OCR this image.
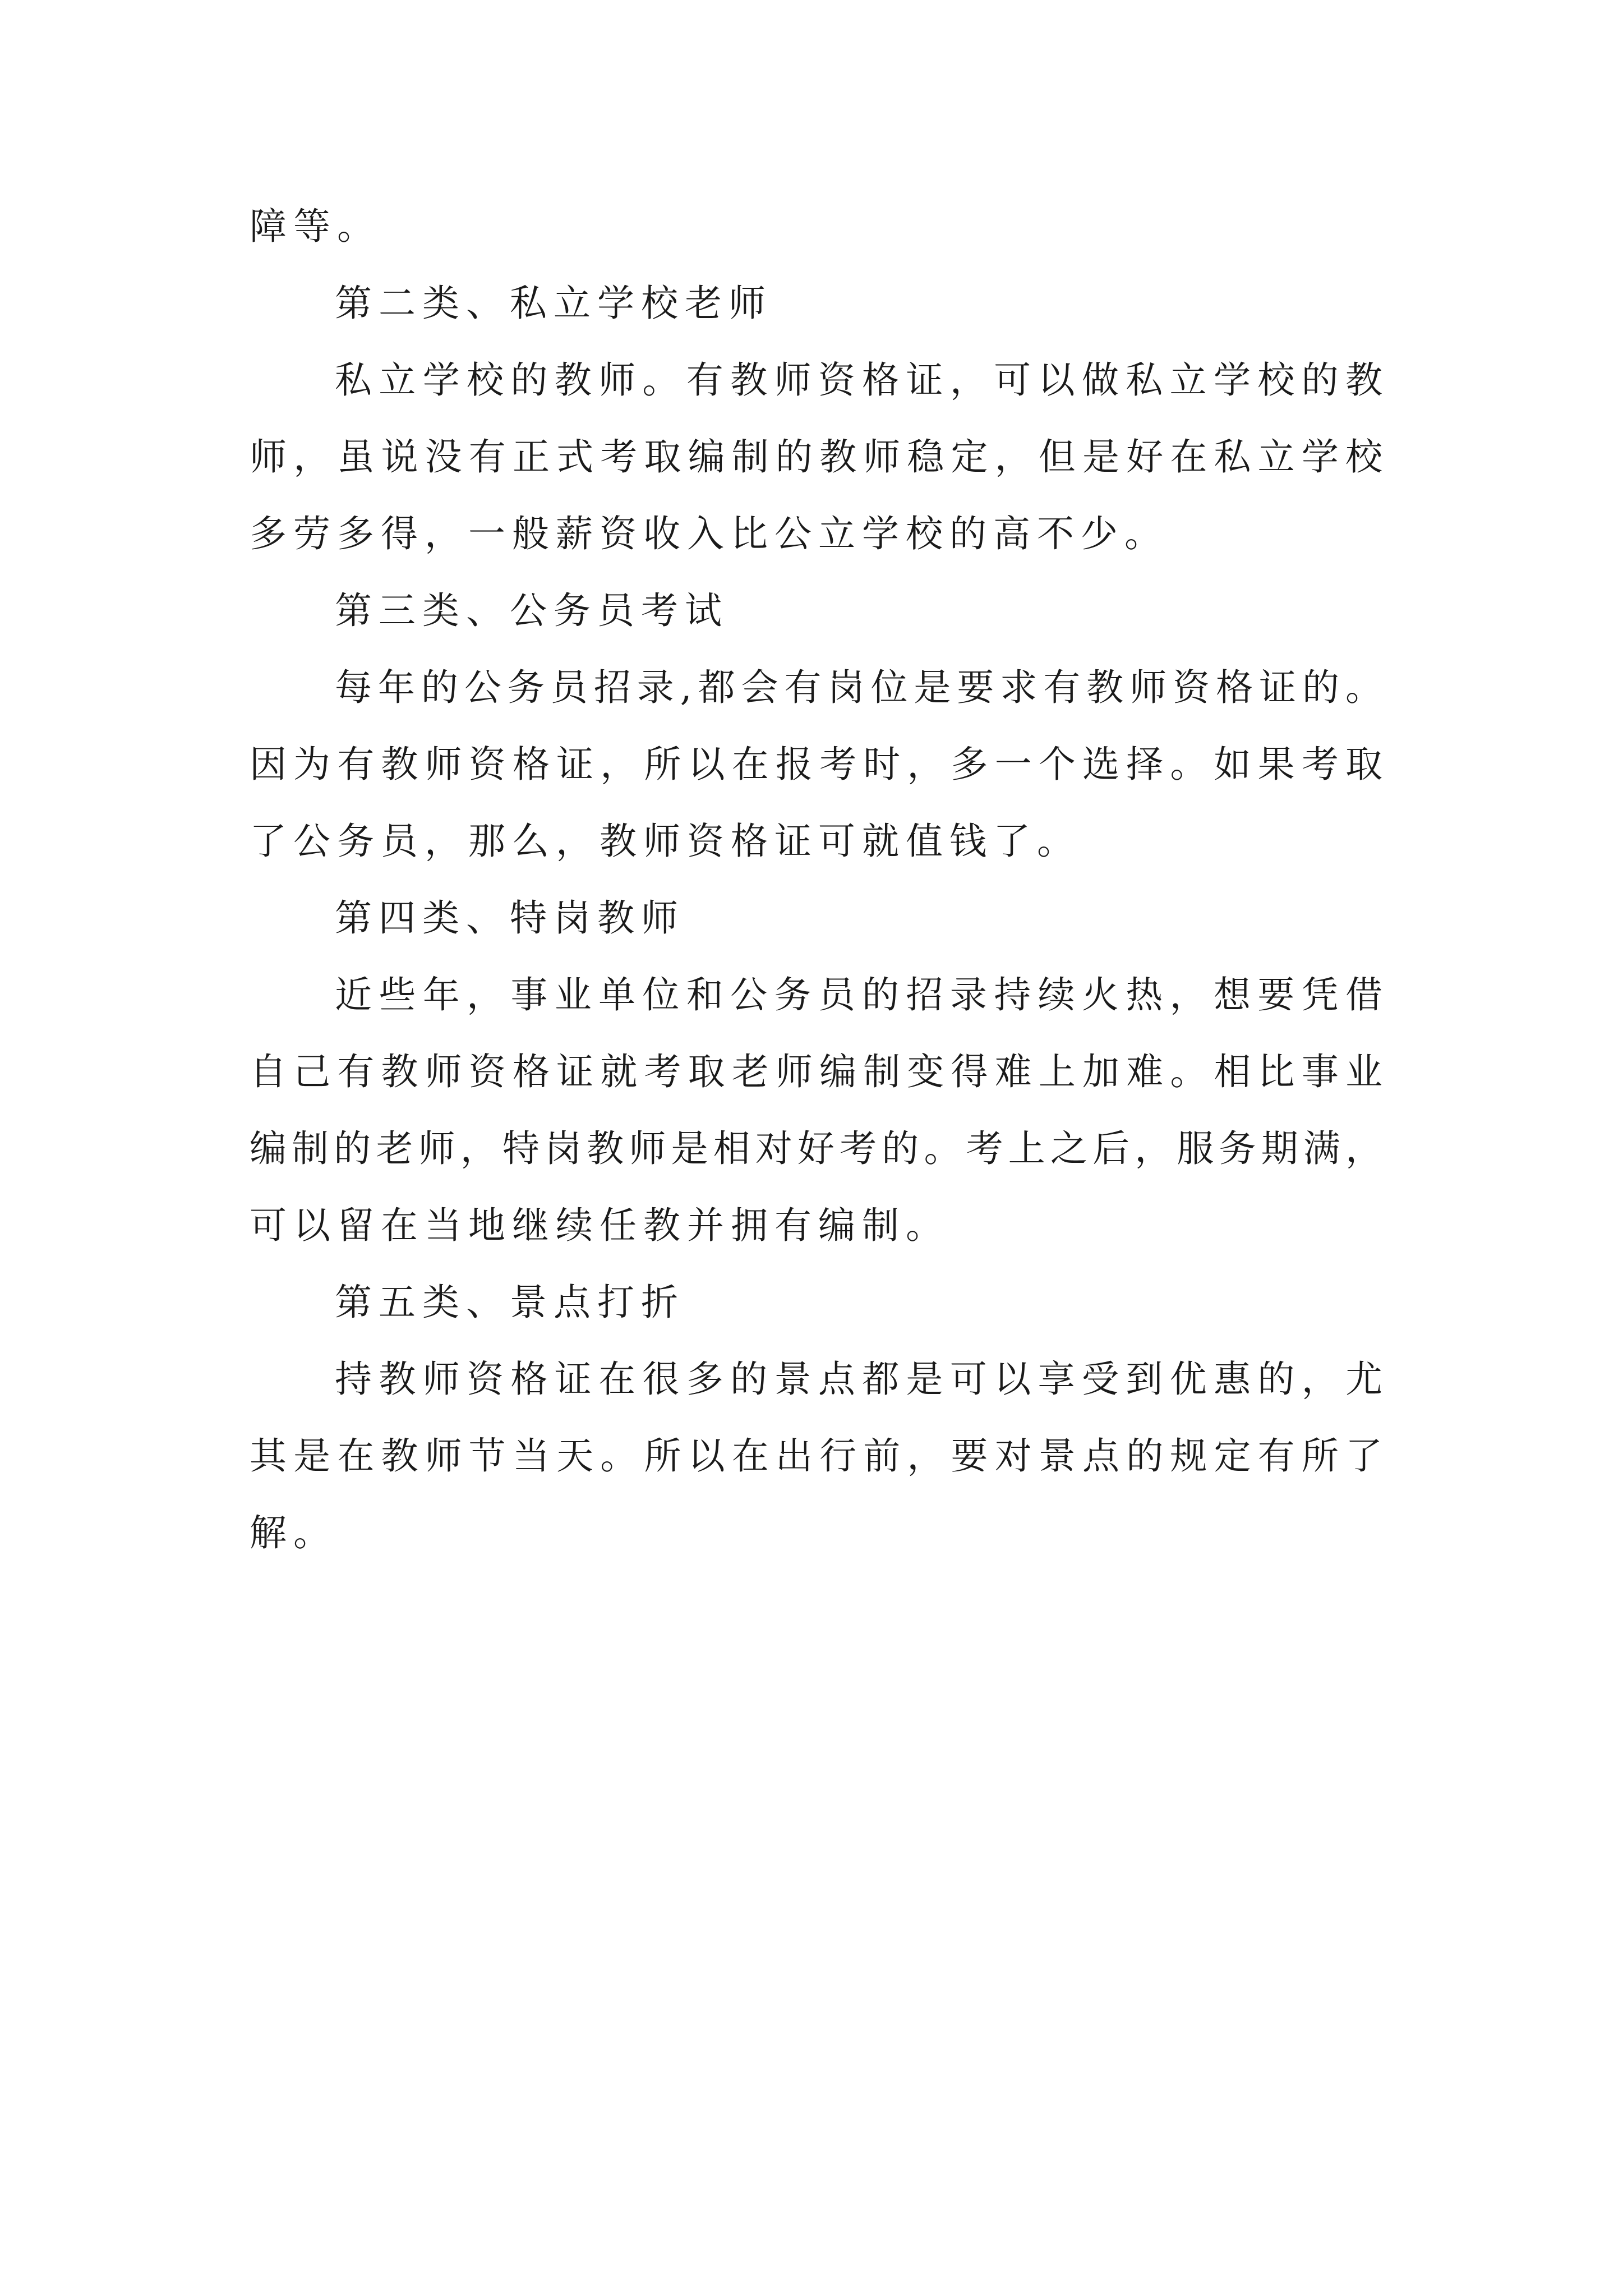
障等。
第二类、私立学校老师
私立学校的教师。有教师资格证，可以做私立学校的教
师，虽说没有正式考取编制的教师稳定，但是好在私立学校
多劳多得，一般薪资收入比公立学校的高不少。
第三类、公务员考试
每年的公务员招录,都会有岗位是要求有教师资格证的。
因为有教师资格证，所以在报考时，多一个选择。如果考取
了公务员，那么，教师资格证可就值钱了。
第四类、特岗教师
近些年，事业单位和公务员的招录持续火热，想要凭借
自己有教师资格证就考取老师编制变得难上加难。相比事业
编制的老师，特岗教师是相对好考的。考上之后，服务期满，
可以留在当地继续任教并拥有编制。
第五类、景点打折
持教师资格证在很多的景点都是可以享受到优惠的，尤
其是在教师节当天。所以在出行前，要对景点的规定有所了
解。
